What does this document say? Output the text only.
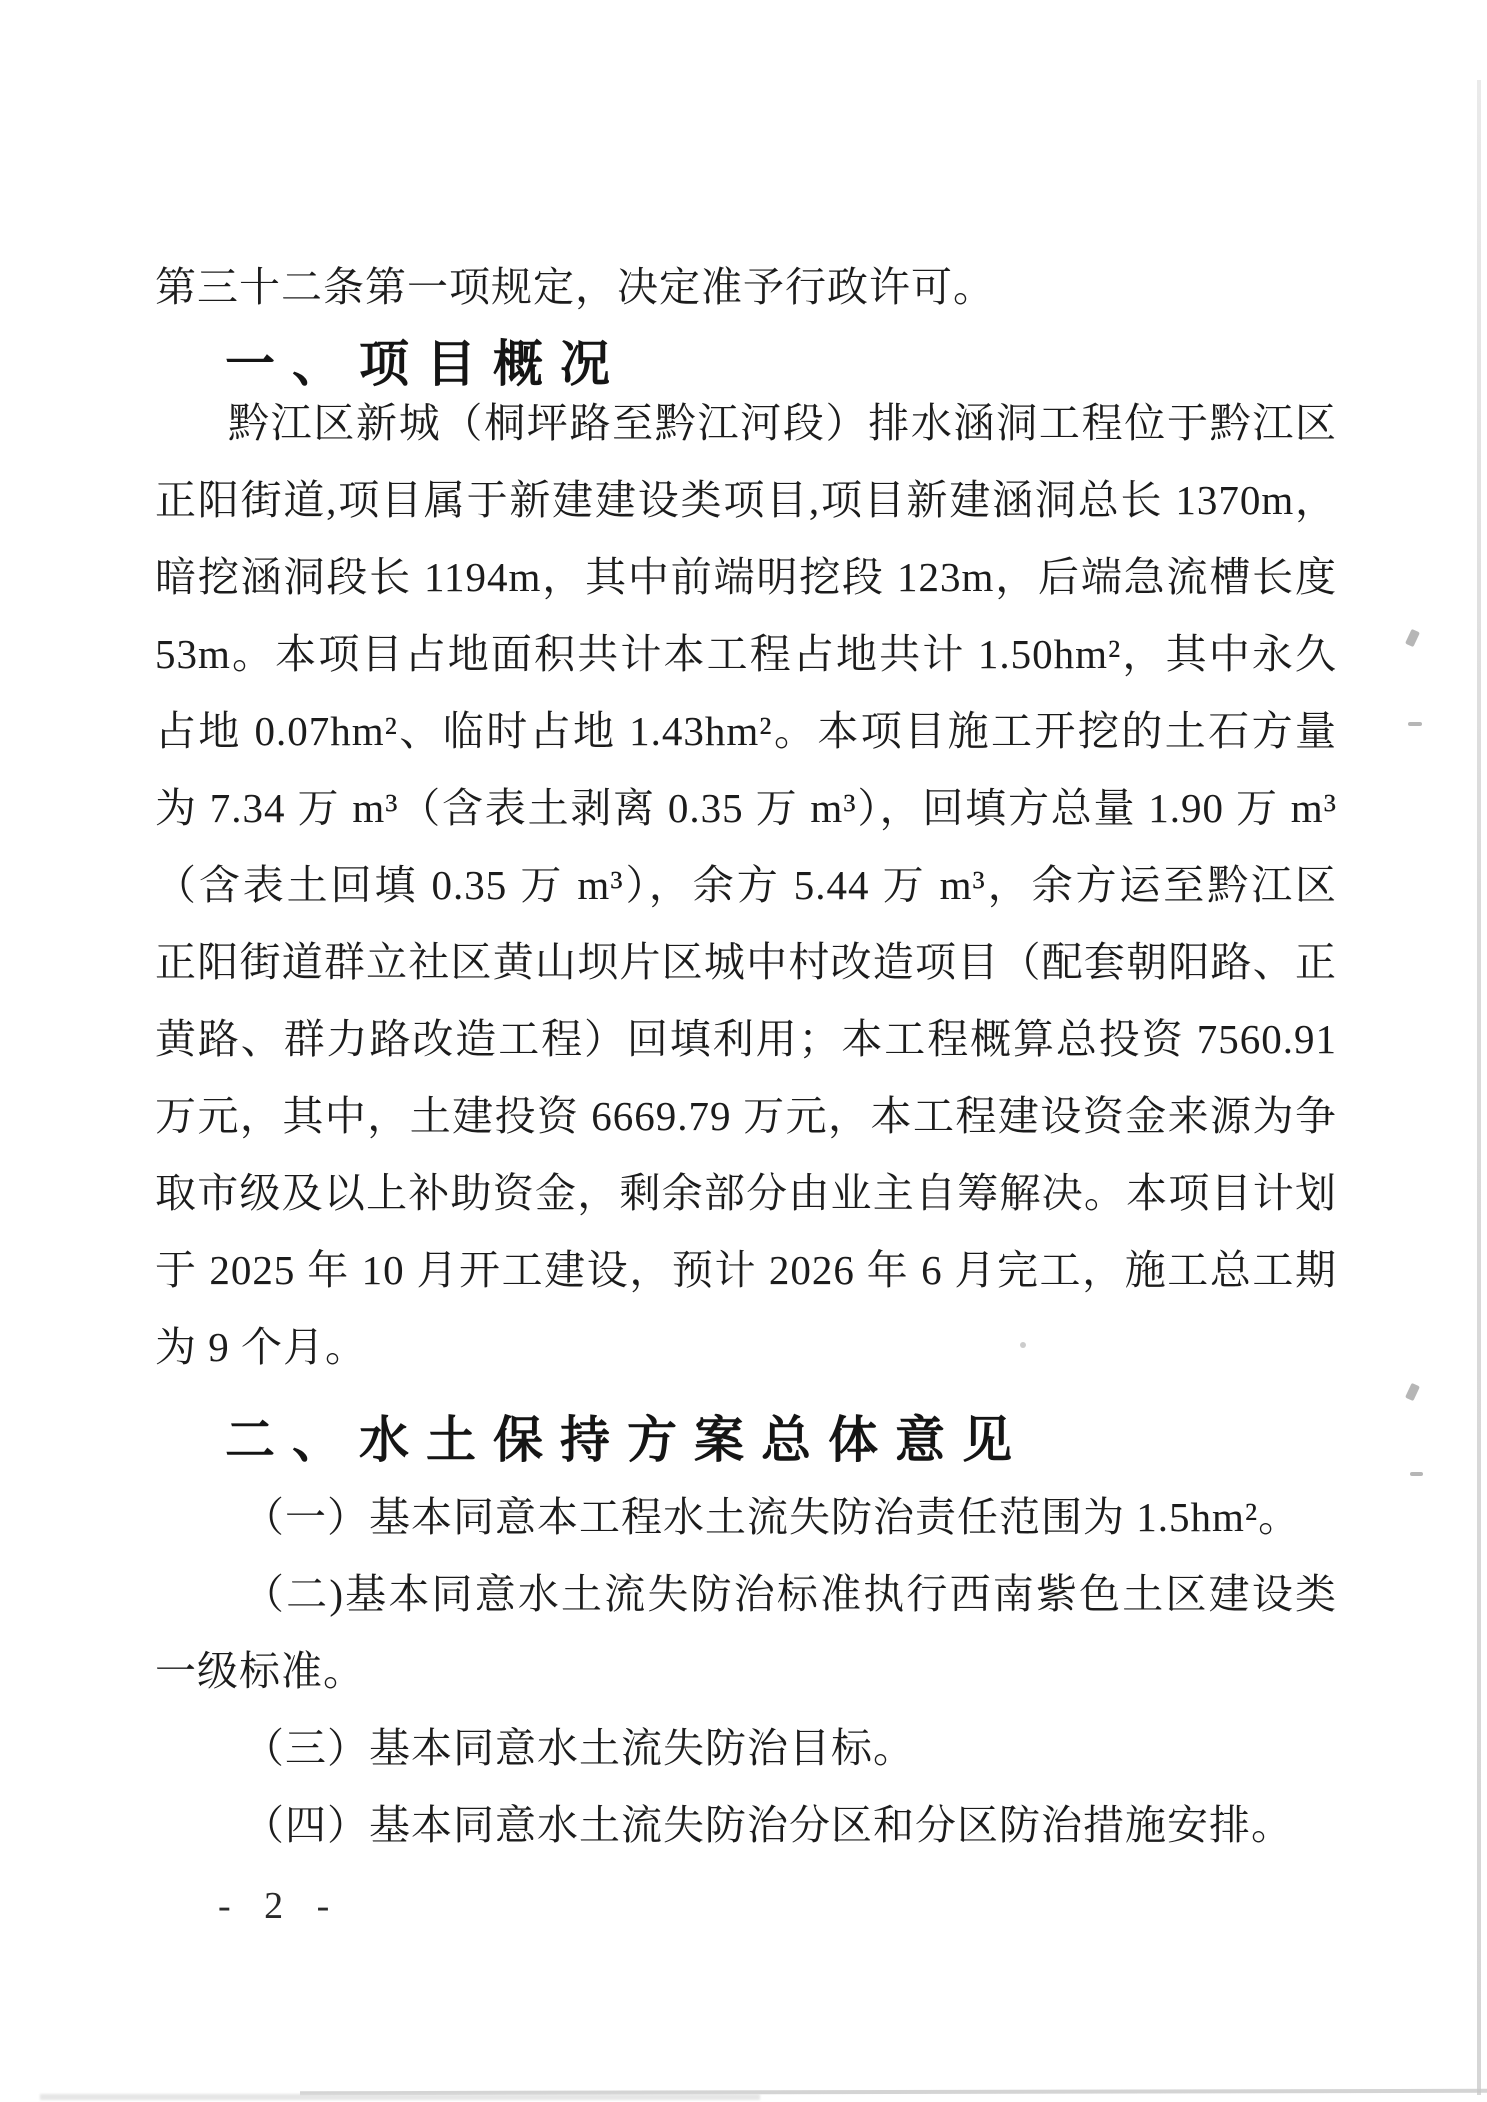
第三十二条第一项规定，决定准予行政许可。
一、项目概况
黔江区新城（桐坪路至黔江河段）排水涵洞工程位于黔江区
正阳街道,项目属于新建建设类项目,项目新建涵洞总长 1370m，
暗挖涵洞段长 1194m，其中前端明挖段 123m，后端急流槽长度
53m。本项目占地面积共计本工程占地共计 1.50hm²，其中永久
占地 0.07hm²、临时占地 1.43hm²。本项目施工开挖的土石方量
为 7.34 万 m³（含表土剥离 0.35 万 m³），回填方总量 1.90 万 m³
（含表土回填 0.35 万 m³），余方 5.44 万 m³，余方运至黔江区
正阳街道群立社区黄山坝片区城中村改造项目（配套朝阳路、正
黄路、群力路改造工程）回填利用；本工程概算总投资 7560.91
万元，其中，土建投资 6669.79 万元，本工程建设资金来源为争
取市级及以上补助资金，剩余部分由业主自筹解决。本项目计划
于 2025 年 10 月开工建设，预计 2026 年 6 月完工，施工总工期
为 9 个月。
二、水土保持方案总体意见
（一）基本同意本工程水土流失防治责任范围为 1.5hm²。
（二)基本同意水土流失防治标准执行西南紫色土区建设类
一级标准。
（三）基本同意水土流失防治目标。
（四）基本同意水土流失防治分区和分区防治措施安排。
- 2 -
